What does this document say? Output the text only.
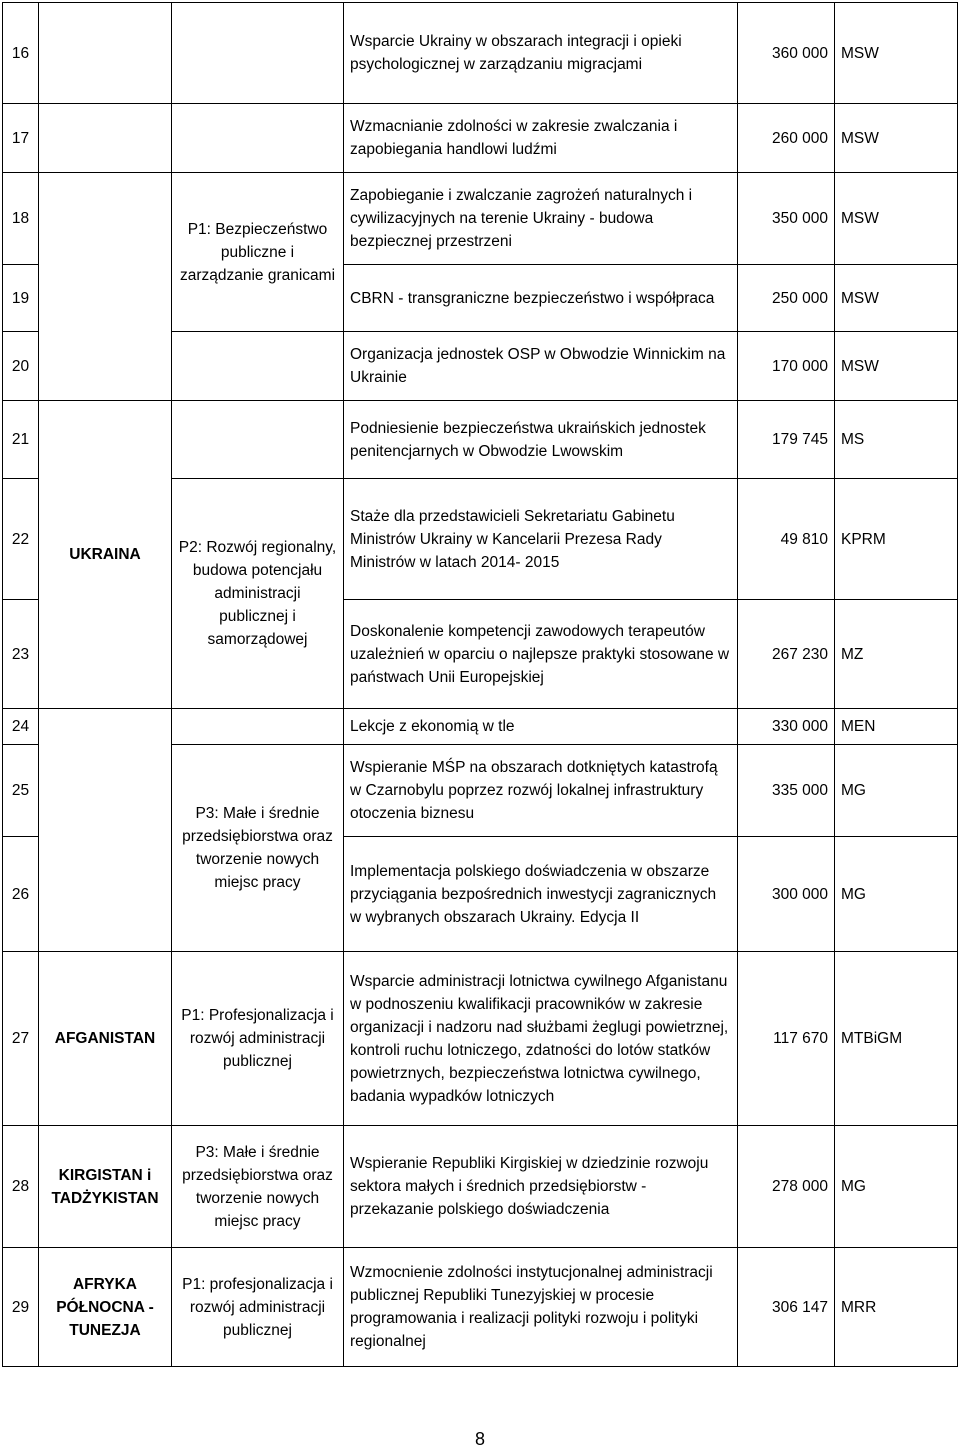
16			Wsparcie Ukrainy w obszarach integracji i opieki psychologicznej w zarządzaniu migracjami	360 000	MSW
17			Wzmacnianie zdolności w zakresie zwalczania i zapobiegania handlowi ludźmi	260 000	MSW
18		P1: Bezpieczeństwo publiczne i zarządzanie granicami	Zapobieganie i zwalczanie zagrożeń naturalnych i cywilizacyjnych na terenie Ukrainy - budowa bezpiecznej przestrzeni	350 000	MSW
19			CBRN - transgraniczne bezpieczeństwo i współpraca	250 000	MSW
20			Organizacja jednostek OSP w Obwodzie Winnickim na Ukrainie	170 000	MSW
21	UKRAINA		Podniesienie bezpieczeństwa ukraińskich jednostek penitencjarnych w Obwodzie Lwowskim	179 745	MS
22		P2: Rozwój regionalny, budowa potencjału administracji publicznej i samorządowej	Staże dla przedstawicieli Sekretariatu Gabinetu Ministrów Ukrainy w Kancelarii Prezesa Rady Ministrów w latach 2014- 2015	49 810	KPRM
23			Doskonalenie kompetencji zawodowych terapeutów uzależnień w oparciu o najlepsze praktyki stosowane w państwach Unii Europejskiej	267 230	MZ
24			Lekcje z ekonomią w tle	330 000	MEN
25		P3: Małe i średnie przedsiębiorstwa oraz tworzenie nowych miejsc pracy	Wspieranie MŚP na obszarach dotkniętych katastrofą w Czarnobylu poprzez rozwój lokalnej infrastruktury otoczenia biznesu	335 000	MG
26			Implementacja polskiego doświadczenia w obszarze przyciągania bezpośrednich inwestycji zagranicznych w wybranych obszarach Ukrainy. Edycja II	300 000	MG
27	AFGANISTAN	P1: Profesjonalizacja i rozwój administracji publicznej	Wsparcie administracji lotnictwa cywilnego Afganistanu w podnoszeniu kwalifikacji pracowników w zakresie organizacji i nadzoru nad służbami żeglugi powietrznej, kontroli ruchu lotniczego, zdatności do lotów statków powietrznych, bezpieczeństwa lotnictwa cywilnego, badania wypadków lotniczych	117 670	MTBiGM
28	KIRGISTAN i TADŻYKISTAN	P3: Małe i średnie przedsiębiorstwa oraz tworzenie nowych miejsc pracy	Wspieranie Republiki Kirgiskiej w dziedzinie rozwoju sektora małych i średnich przedsiębiorstw - przekazanie polskiego doświadczenia	278 000	MG
29	AFRYKA PÓŁNOCNA - TUNEZJA	P1: profesjonalizacja i rozwój administracji publicznej	Wzmocnienie zdolności instytucjonalnej administracji publicznej Republiki Tunezyjskiej w procesie programowania i realizacji polityki rozwoju i polityki regionalnej	306 147	MRR
8
